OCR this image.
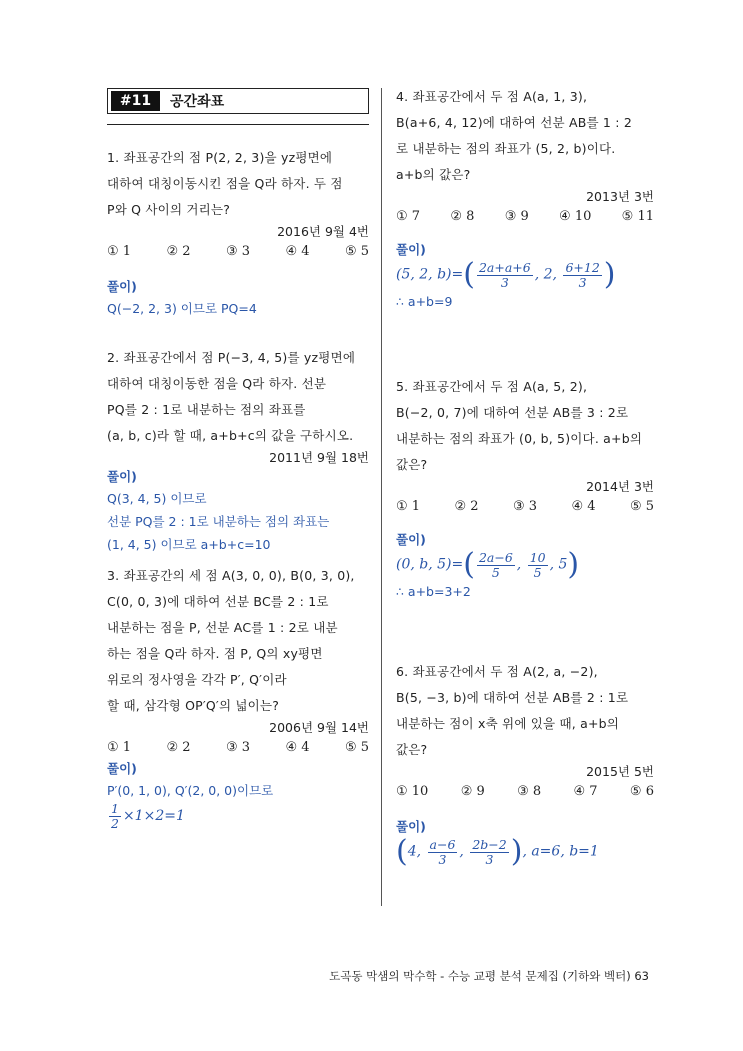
#11	공간좌표
1. 좌표공간의 점 P(2, 2, 3)을 yz평면에
대하여 대칭이동시킨 점을 Q라 하자. 두 점
P와 Q 사이의 거리는?
2016년 9월 4번
① 1	② 2	③ 3	④ 4	⑤ 5
풀이)
Q(−2, 2, 3) 이므로 PQ=4
2. 좌표공간에서 점 P(−3, 4, 5)를 yz평면에
대하여 대칭이동한 점을 Q라 하자. 선분
PQ를 2 : 1로 내분하는 점의 좌표를
(a, b, c)라 할 때, a+b+c의 값을 구하시오.
2011년 9월 18번
풀이)
Q(3, 4, 5) 이므로
선분 PQ를 2 : 1로 내분하는 점의 좌표는
(1, 4, 5) 이므로 a+b+c=10
3. 좌표공간의 세 점 A(3, 0, 0), B(0, 3, 0),
C(0, 0, 3)에 대하여 선분 BC를 2 : 1로
내분하는 점을 P, 선분 AC를 1 : 2로 내분
하는 점을 Q라 하자. 점 P, Q의 xy평면
위로의 정사영을 각각 P′, Q′이라
할 때, 삼각형 OP′Q′의 넓이는?
2006년 9월 14번
① 1	② 2	③ 3	④ 4	⑤ 5
풀이)
P′(0, 1, 0), Q′(2, 0, 0)이므로
$\frac{1}{2} \times 1\times 2=1$
4. 좌표공간에서 두 점 A(a, 1, 3),
B(a+6, 4, 12)에 대하여 선분 AB를 1 : 2
로 내분하는 점의 좌표가 (5, 2, b)이다.
a+b의 값은?
2013년 3번
① 7 ② 8 ③ 9 ④ 10 ⑤ 11
풀이)
(5, 2, $b)=( \frac{2a+a+6}{3}$ , 2, $\frac{6+12}{3}$ )
∴ a+b=9
5. 좌표공간에서 두 점 A(a, 5, 2),
B(−2, 0, 7)에 대하여 선분 AB를 3 : 2로
내분하는 점의 좌표가 (0, b, 5)이다. a+b의
값은?
2014년 3번
① 1	② 2	③ 3	④ 4	⑤ 5
풀이)
(0, b, $5)=( \frac{2a-6}{5}$ , $\frac{10}{5}$ , 5)
∴ a+b=3+2
6. 좌표공간에서 두 점 A(2, a, −2),
B(5, −3, b)에 대하여 선분 AB를 2 : 1로
내분하는 점이 x축 위에 있을 때, a+b의
값은?
2015년 5번
① 10 ② 9 ③ 8 ④ 7 ⑤ 6
풀이)
(4, $\frac{a-6}{3}$ , $\frac{2b-2}{3}$ ), a=6, b=1
도곡동 막샘의 막수학 - 수능 교평 분석 문제집 (기하와 벡터) 63
